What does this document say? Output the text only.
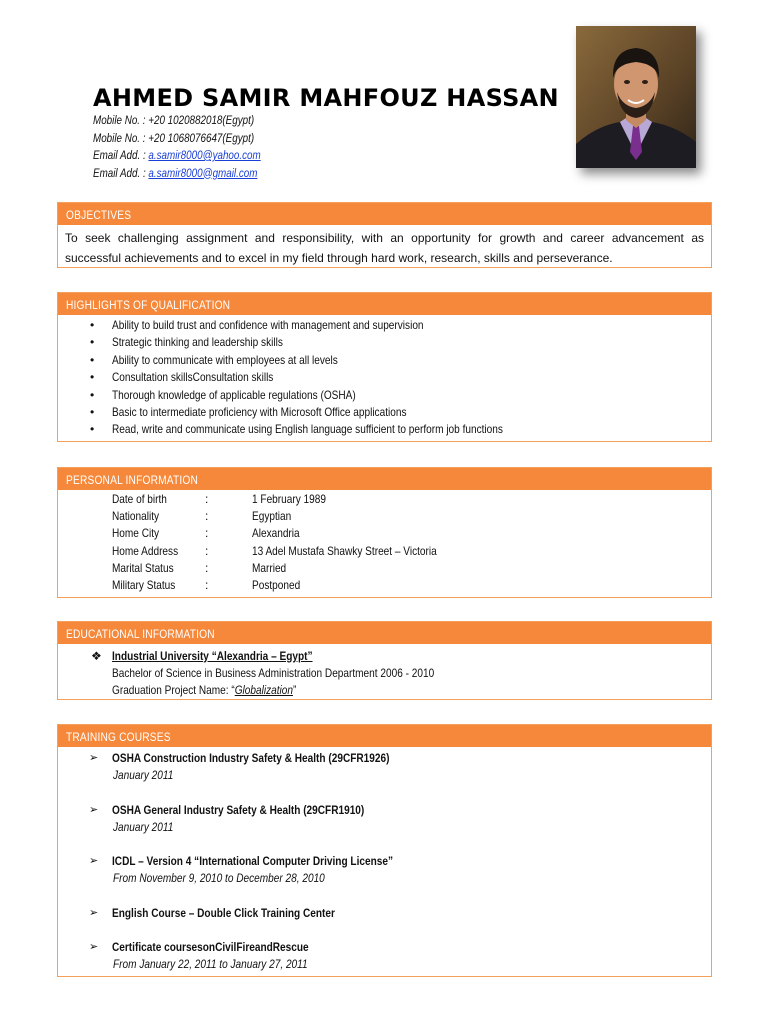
AHMED SAMIR MAHFOUZ HASSAN
Mobile No. : +20 1020882018(Egypt)
Mobile No. : +20 1068076647(Egypt)
Email Add. : a.samir8000@yahoo.com
Email Add. : a.samir8000@gmail.com
OBJECTIVES
To seek challenging assignment and responsibility, with an opportunity for growth and career advancement as successful achievements and to excel in my field through hard work, research, skills and perseverance.
HIGHLIGHTS OF QUALIFICATION
• Ability to build trust and confidence with management and supervision
• Strategic thinking and leadership skills
• Ability to communicate with employees at all levels
• Consultation skillsConsultation skills
• Thorough knowledge of applicable regulations (OSHA)
• Basic to intermediate proficiency with Microsoft Office applications
• Read, write and communicate using English language sufficient to perform job functions
PERSONAL INFORMATION
Date of birth	:	1 February 1989
Nationality	:	Egyptian
Home City	:	Alexandria
Home Address :	13 Adel Mustafa Shawky Street – Victoria
Marital Status	:	Married
Military Status :	Postponed
EDUCATIONAL INFORMATION
❖ Industrial University “Alexandria – Egypt”
Bachelor of Science in Business Administration Department 2006 - 2010
Graduation Project Name: “Globalization”
TRAINING COURSES
➢	OSHA Construction Industry Safety & Health (29CFR1926)
January 2011
➢	OSHA General Industry Safety & Health (29CFR1910)
January 2011
➢	ICDL – Version 4 “International Computer Driving License”
From November 9, 2010 to December 28, 2010
➢	English Course – Double Click Training Center
➢	Certificate coursesonCivilFireandRescue
From January 22, 2011 to January 27, 2011
